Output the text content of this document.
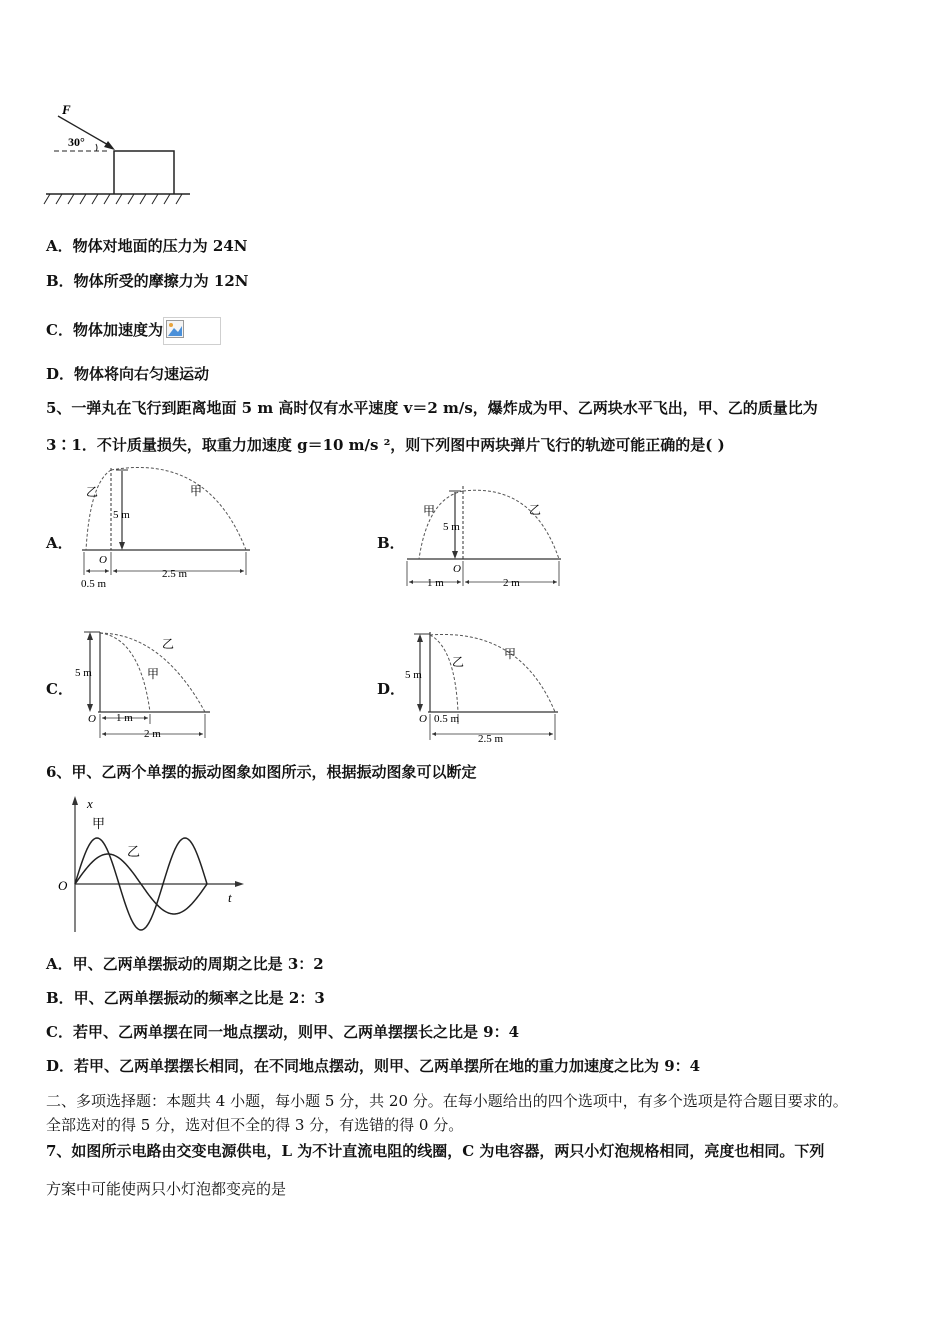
F
30°
A．物体对地面的压力为 24N
B．物体所受的摩擦力为 12N
C．物体加速度为
D．物体将向右匀速运动
5、一弹丸在飞行到距离地面 5 m 高时仅有水平速度 v＝2 m/s，爆炸成为甲、乙两块水平飞出，甲、乙的质量比为
3∶1．不计质量损失，取重力加速度 g＝10 m/s ²，则下列图中两块弹片飞行的轨迹可能正确的是( )
A．	B．
C．	D．
乙	甲
5 m
O
0.5 m
2.5 m
甲	乙
5 m
O
1 m	2 m
乙
甲
5 m
O 1 m
2 m
乙
甲
5 m
O 0.5 m
2.5 m
6、甲、乙两个单摆的振动图象如图所示，根据振动图象可以断定
x
t
O
甲
乙
A．甲、乙两单摆振动的周期之比是 3：2
B．甲、乙两单摆振动的频率之比是 2：3
C．若甲、乙两单摆在同一地点摆动，则甲、乙两单摆摆长之比是 9：4
D．若甲、乙两单摆摆长相同，在不同地点摆动，则甲、乙两单摆所在地的重力加速度之比为 9：4
二、多项选择题：本题共 4 小题，每小题 5 分，共 20 分。在每小题给出的四个选项中，有多个选项是符合题目要求的。
全部选对的得 5 分，选对但不全的得 3 分，有选错的得 0 分。
7、如图所示电路由交变电源供电，L 为不计直流电阻的线圈，C 为电容器，两只小灯泡规格相同，亮度也相同。下列
方案中可能使两只小灯泡都变亮的是
